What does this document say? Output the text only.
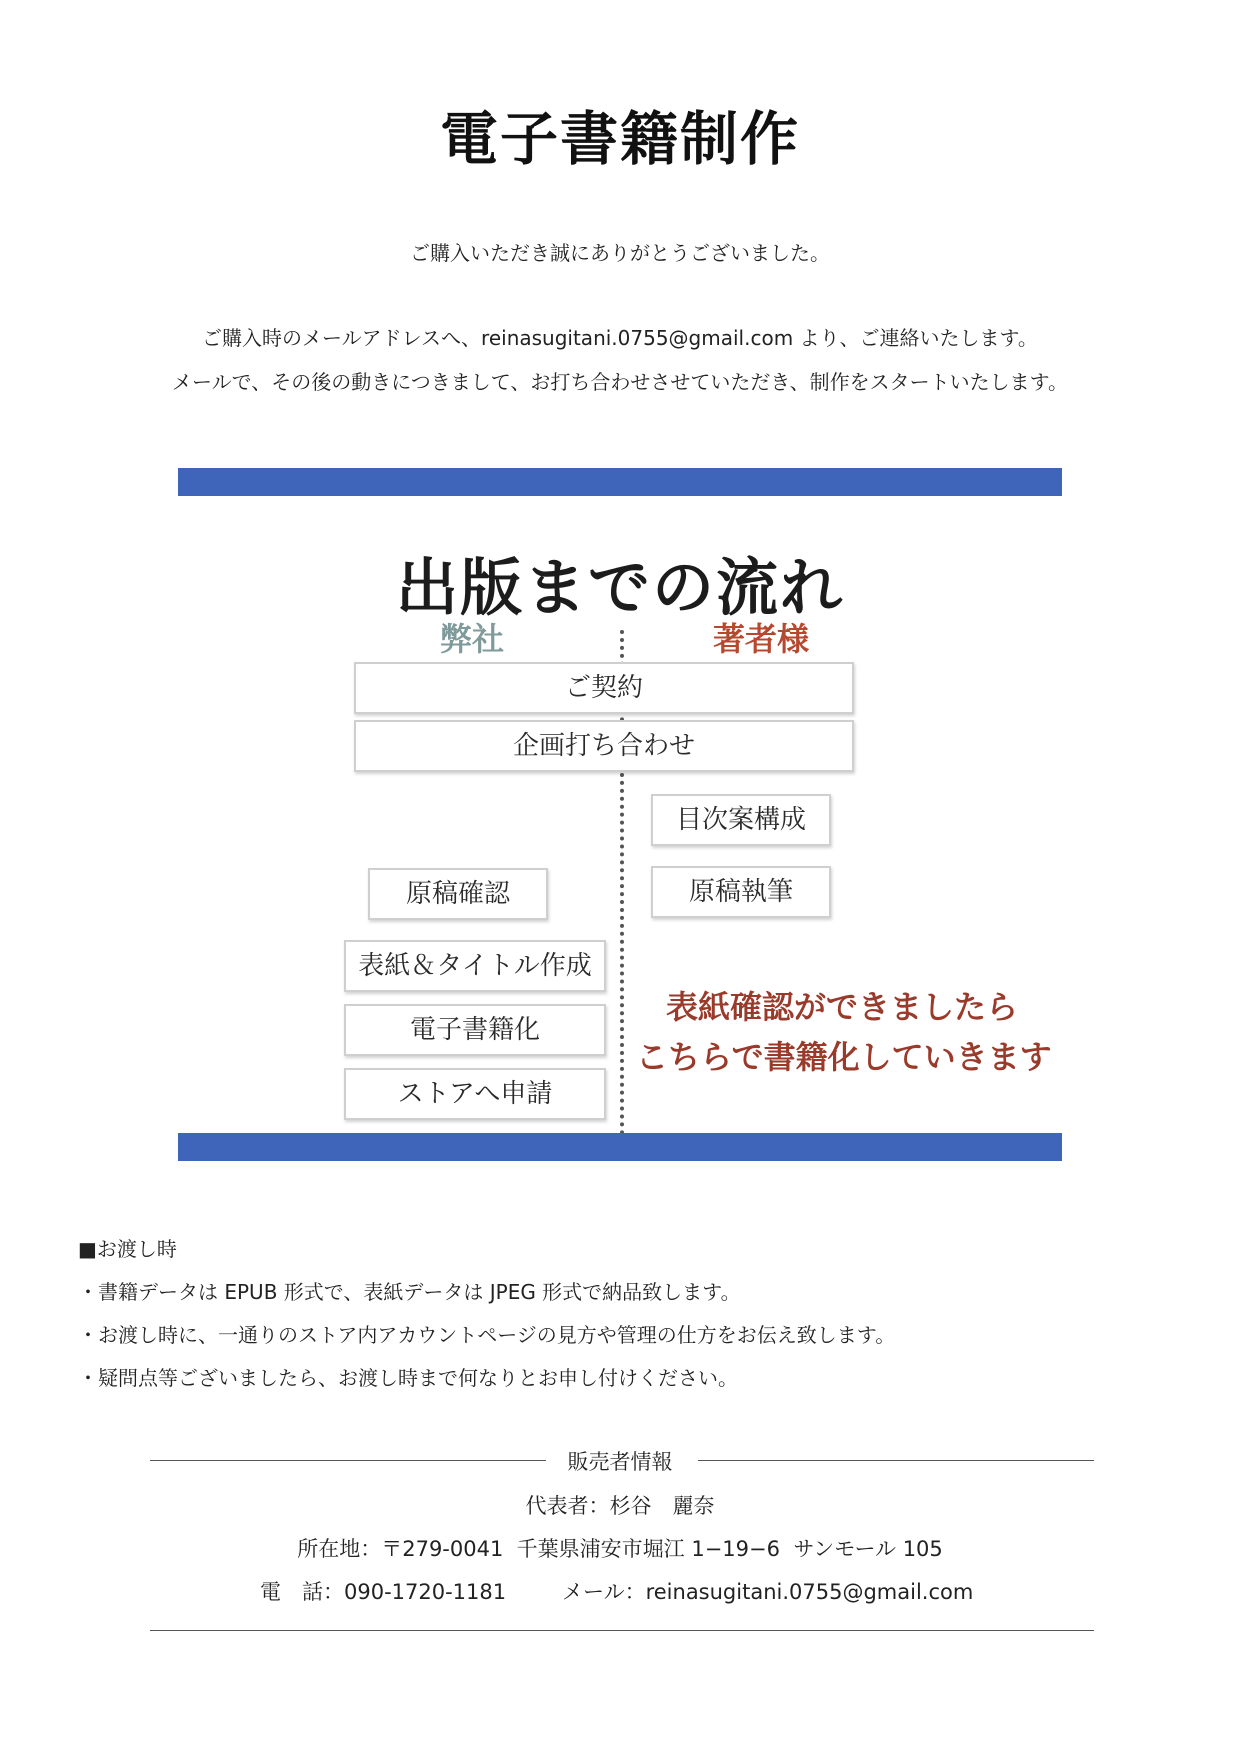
電子書籍制作
ご購入いただき誠にありがとうございました。
ご購入時のメールアドレスへ、reinasugitani.0755@gmail.com より、ご連絡いたします。
メールで、その後の動きにつきまして、お打ち合わせさせていただき、制作をスタートいたします。
出版までの流れ
弊社	著者様
ご契約
企画打ち合わせ
目次案構成
原稿執筆
原稿確認
表紙＆タイトル作成
電子書籍化
ストアへ申請
表紙確認ができましたら
こちらで書籍化していきます
■お渡し時
・書籍データは EPUB 形式で、表紙データは JPEG 形式で納品致します。
・お渡し時に、一通りのストア内アカウントページの見方や管理の仕方をお伝え致します。
・疑問点等ございましたら、お渡し時まで何なりとお申し付けください。
販売者情報
代表者：杉谷　麗奈
所在地：〒279-0041  千葉県浦安市堀江 1−19−6  サンモール 105
電　話：090-1720-1181	メール：reinasugitani.0755@gmail.com
